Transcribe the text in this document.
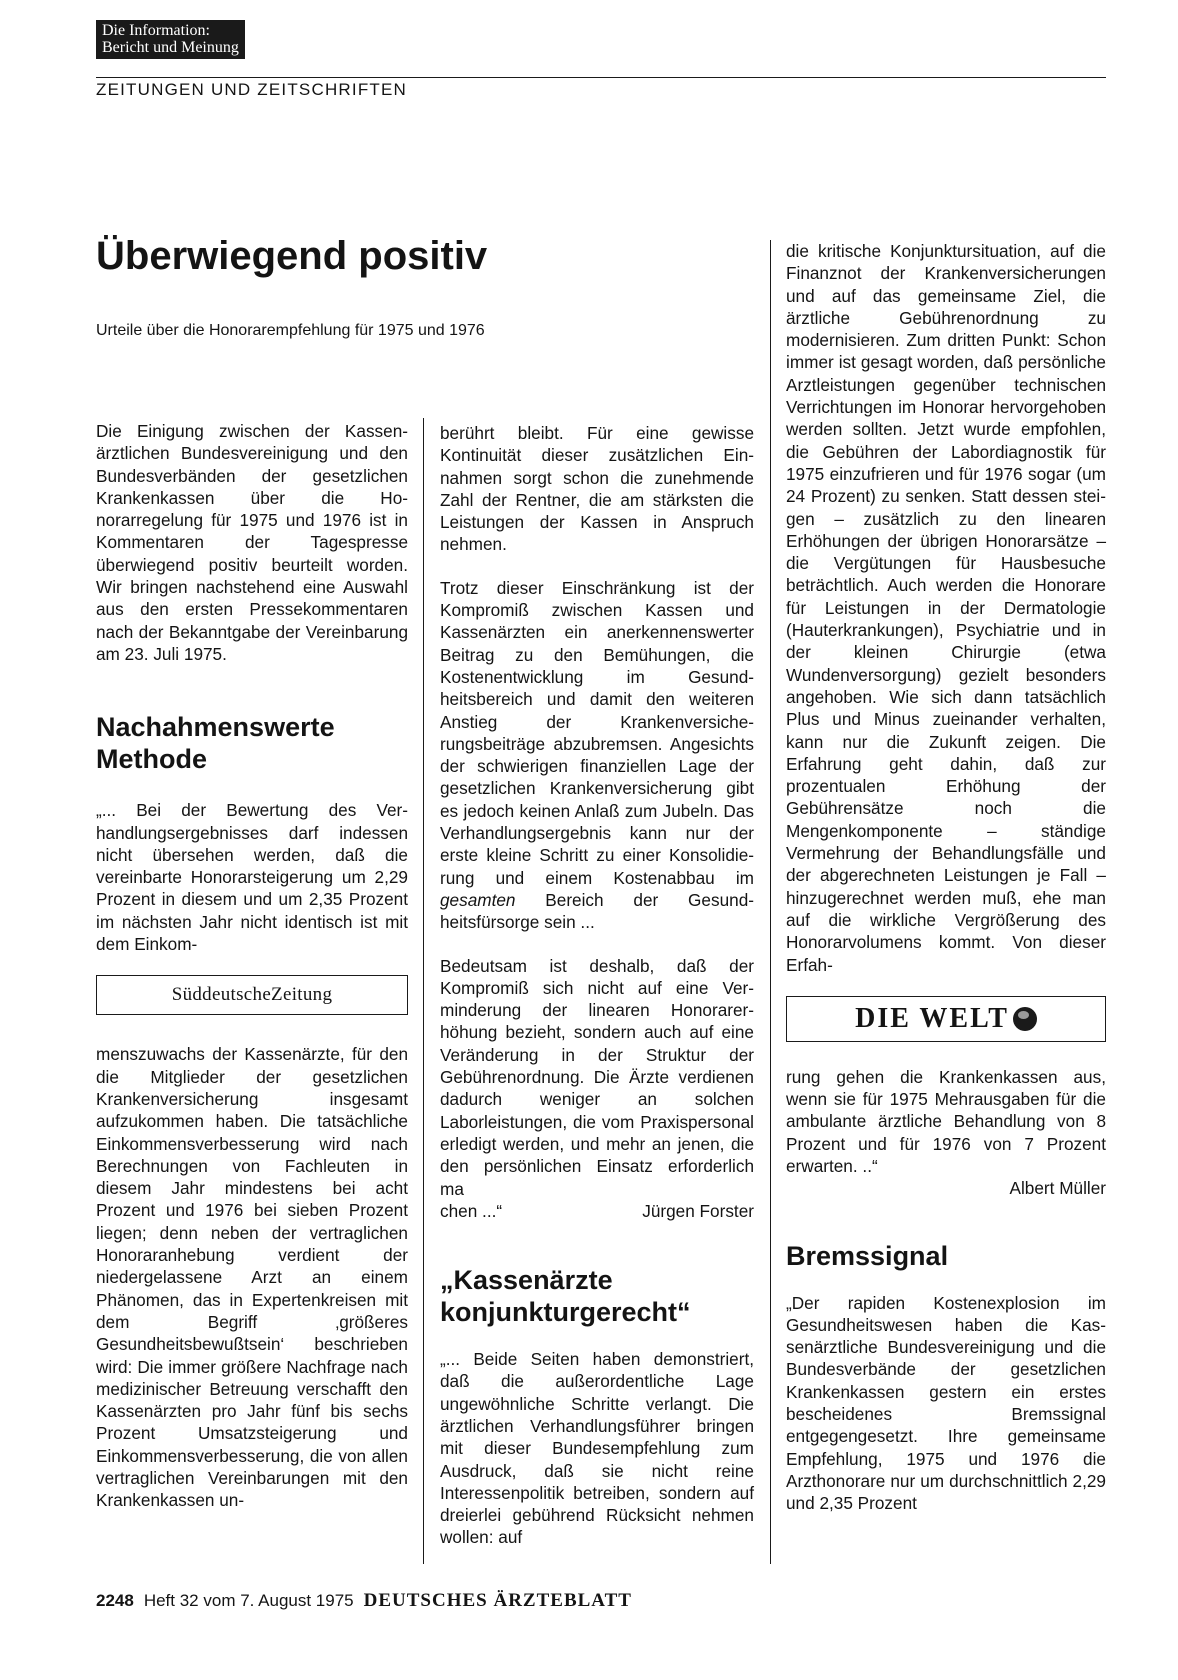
Die Information:
Bericht und Meinung
ZEITUNGEN UND ZEITSCHRIFTEN
Überwiegend positiv
Urteile über die Honorarempfehlung für 1975 und 1976

Die Einigung zwischen der Kassenärztlichen Bundesvereinigung und den Bundesverbänden der gesetzlichen Krankenkassen über die Honorarregelung für 1975 und 1976 ist in Kommentaren der Tagespresse überwiegend positiv beurteilt worden. Wir bringen nachstehend eine Auswahl aus den ersten Pressekommentaren nach der Bekanntgabe der Vereinbarung am 23. Juli 1975.

Nachahmenswerte Methode

„... Bei der Bewertung des Verhandlungsergebnisses darf indessen nicht übersehen werden, daß die vereinbarte Honorarsteigerung um 2,29 Prozent in diesem und um 2,35 Prozent im nächsten Jahr nicht identisch ist mit dem Einkom-

SüddeutscheZeitung

menszuwachs der Kassenärzte, für den die Mitglieder der gesetzlichen Krankenversicherung insgesamt aufzukommen haben. Die tatsächliche Einkommensverbesserung wird nach Berechnungen von Fachleuten in diesem Jahr mindestens bei acht Prozent und 1976 bei sieben Prozent liegen; denn neben der vertraglichen Honoraranhebung verdient der niedergelassene Arzt an einem Phänomen, das in Expertenkreisen mit dem Begriff ‚größeres Gesundheitsbewußtsein‘ beschrieben wird: Die immer größere Nachfrage nach medizinischer Betreuung verschafft den Kassenärzten pro Jahr fünf bis sechs Prozent Umsatzsteigerung und Einkommensverbesserung, die von allen vertraglichen Vereinbarungen mit den Krankenkassen un-

berührt bleibt. Für eine gewisse Kontinuität dieser zusätzlichen Einnahmen sorgt schon die zunehmende Zahl der Rentner, die am stärksten die Leistungen der Kassen in Anspruch nehmen.

Trotz dieser Einschränkung ist der Kompromiß zwischen Kassen und Kassenärzten ein anerkennenswerter Beitrag zu den Bemühungen, die Kostenentwicklung im Gesundheitsbereich und damit den weiteren Anstieg der Krankenversicherungsbeiträge abzubremsen. Angesichts der schwierigen finanziellen Lage der gesetzlichen Krankenversicherung gibt es jedoch keinen Anlaß zum Jubeln. Das Verhandlungsergebnis kann nur der erste kleine Schritt zu einer Konsolidierung und einem Kostenabbau im gesamten Bereich der Gesundheitsfürsorge sein ...

Bedeutsam ist deshalb, daß der Kompromiß sich nicht auf eine Verminderung der linearen Honorarerhöhung bezieht, sondern auch auf eine Veränderung in der Struktur der Gebührenordnung. Die Ärzte verdienen dadurch weniger an solchen Laborleistungen, die vom Praxispersonal erledigt werden, und mehr an jenen, die den persönlichen Einsatz erforderlich ma

chen ...“	Jürgen Forster

„Kassenärzte konjunkturgerecht“

„... Beide Seiten haben demonstriert, daß die außerordentliche Lage ungewöhnliche Schritte verlangt. Die ärztlichen Verhandlungsführer bringen mit dieser Bundesempfehlung zum Ausdruck, daß sie nicht reine Interessenpolitik betreiben, sondern auf dreierlei gebührend Rücksicht nehmen wollen: auf

die kritische Konjunktursituation, auf die Finanznot der Krankenversicherungen und auf das gemeinsame Ziel, die ärztliche Gebührenordnung zu modernisieren. Zum dritten Punkt: Schon immer ist gesagt worden, daß persönliche Arztleistungen gegenüber technischen Verrichtungen im Honorar hervorgehoben werden sollten. Jetzt wurde empfohlen, die Gebühren der Labordiagnostik für 1975 einzufrieren und für 1976 sogar (um 24 Prozent) zu senken. Statt dessen steigen – zusätzlich zu den linearen Erhöhungen der übrigen Honorarsätze – die Vergütungen für Hausbesuche beträchtlich. Auch werden die Honorare für Leistungen in der Dermatologie (Hauterkrankungen), Psychiatrie und in der kleinen Chirurgie (etwa Wundenversorgung) gezielt besonders angehoben. Wie sich dann tatsächlich Plus und Minus zueinander verhalten, kann nur die Zukunft zeigen. Die Erfahrung geht dahin, daß zur prozentualen Erhöhung der Gebührensätze noch die Mengenkomponente – ständige Vermehrung der Behandlungsfälle und der abgerechneten Leistungen je Fall – hinzugerechnet werden muß, ehe man auf die wirkliche Vergrößerung des Honorarvolumens kommt. Von dieser Erfah-

DIE WELT

rung gehen die Krankenkassen aus, wenn sie für 1975 Mehrausgaben für die ambulante ärztliche Behandlung von 8 Prozent und für 1976 von 7 Prozent erwarten. ..“

Albert Müller

Bremssignal

„Der rapiden Kostenexplosion im Gesundheitswesen haben die Kassenärztliche Bundesvereinigung und die Bundesverbände der gesetzlichen Krankenkassen gestern ein erstes bescheidenes Bremssignal entgegengesetzt. Ihre gemeinsame Empfehlung, 1975 und 1976 die Arzthonorare nur um durchschnittlich 2,29 und 2,35 Prozent

2248 Heft 32 vom 7. August 1975 DEUTSCHES ÄRZTEBLATT
